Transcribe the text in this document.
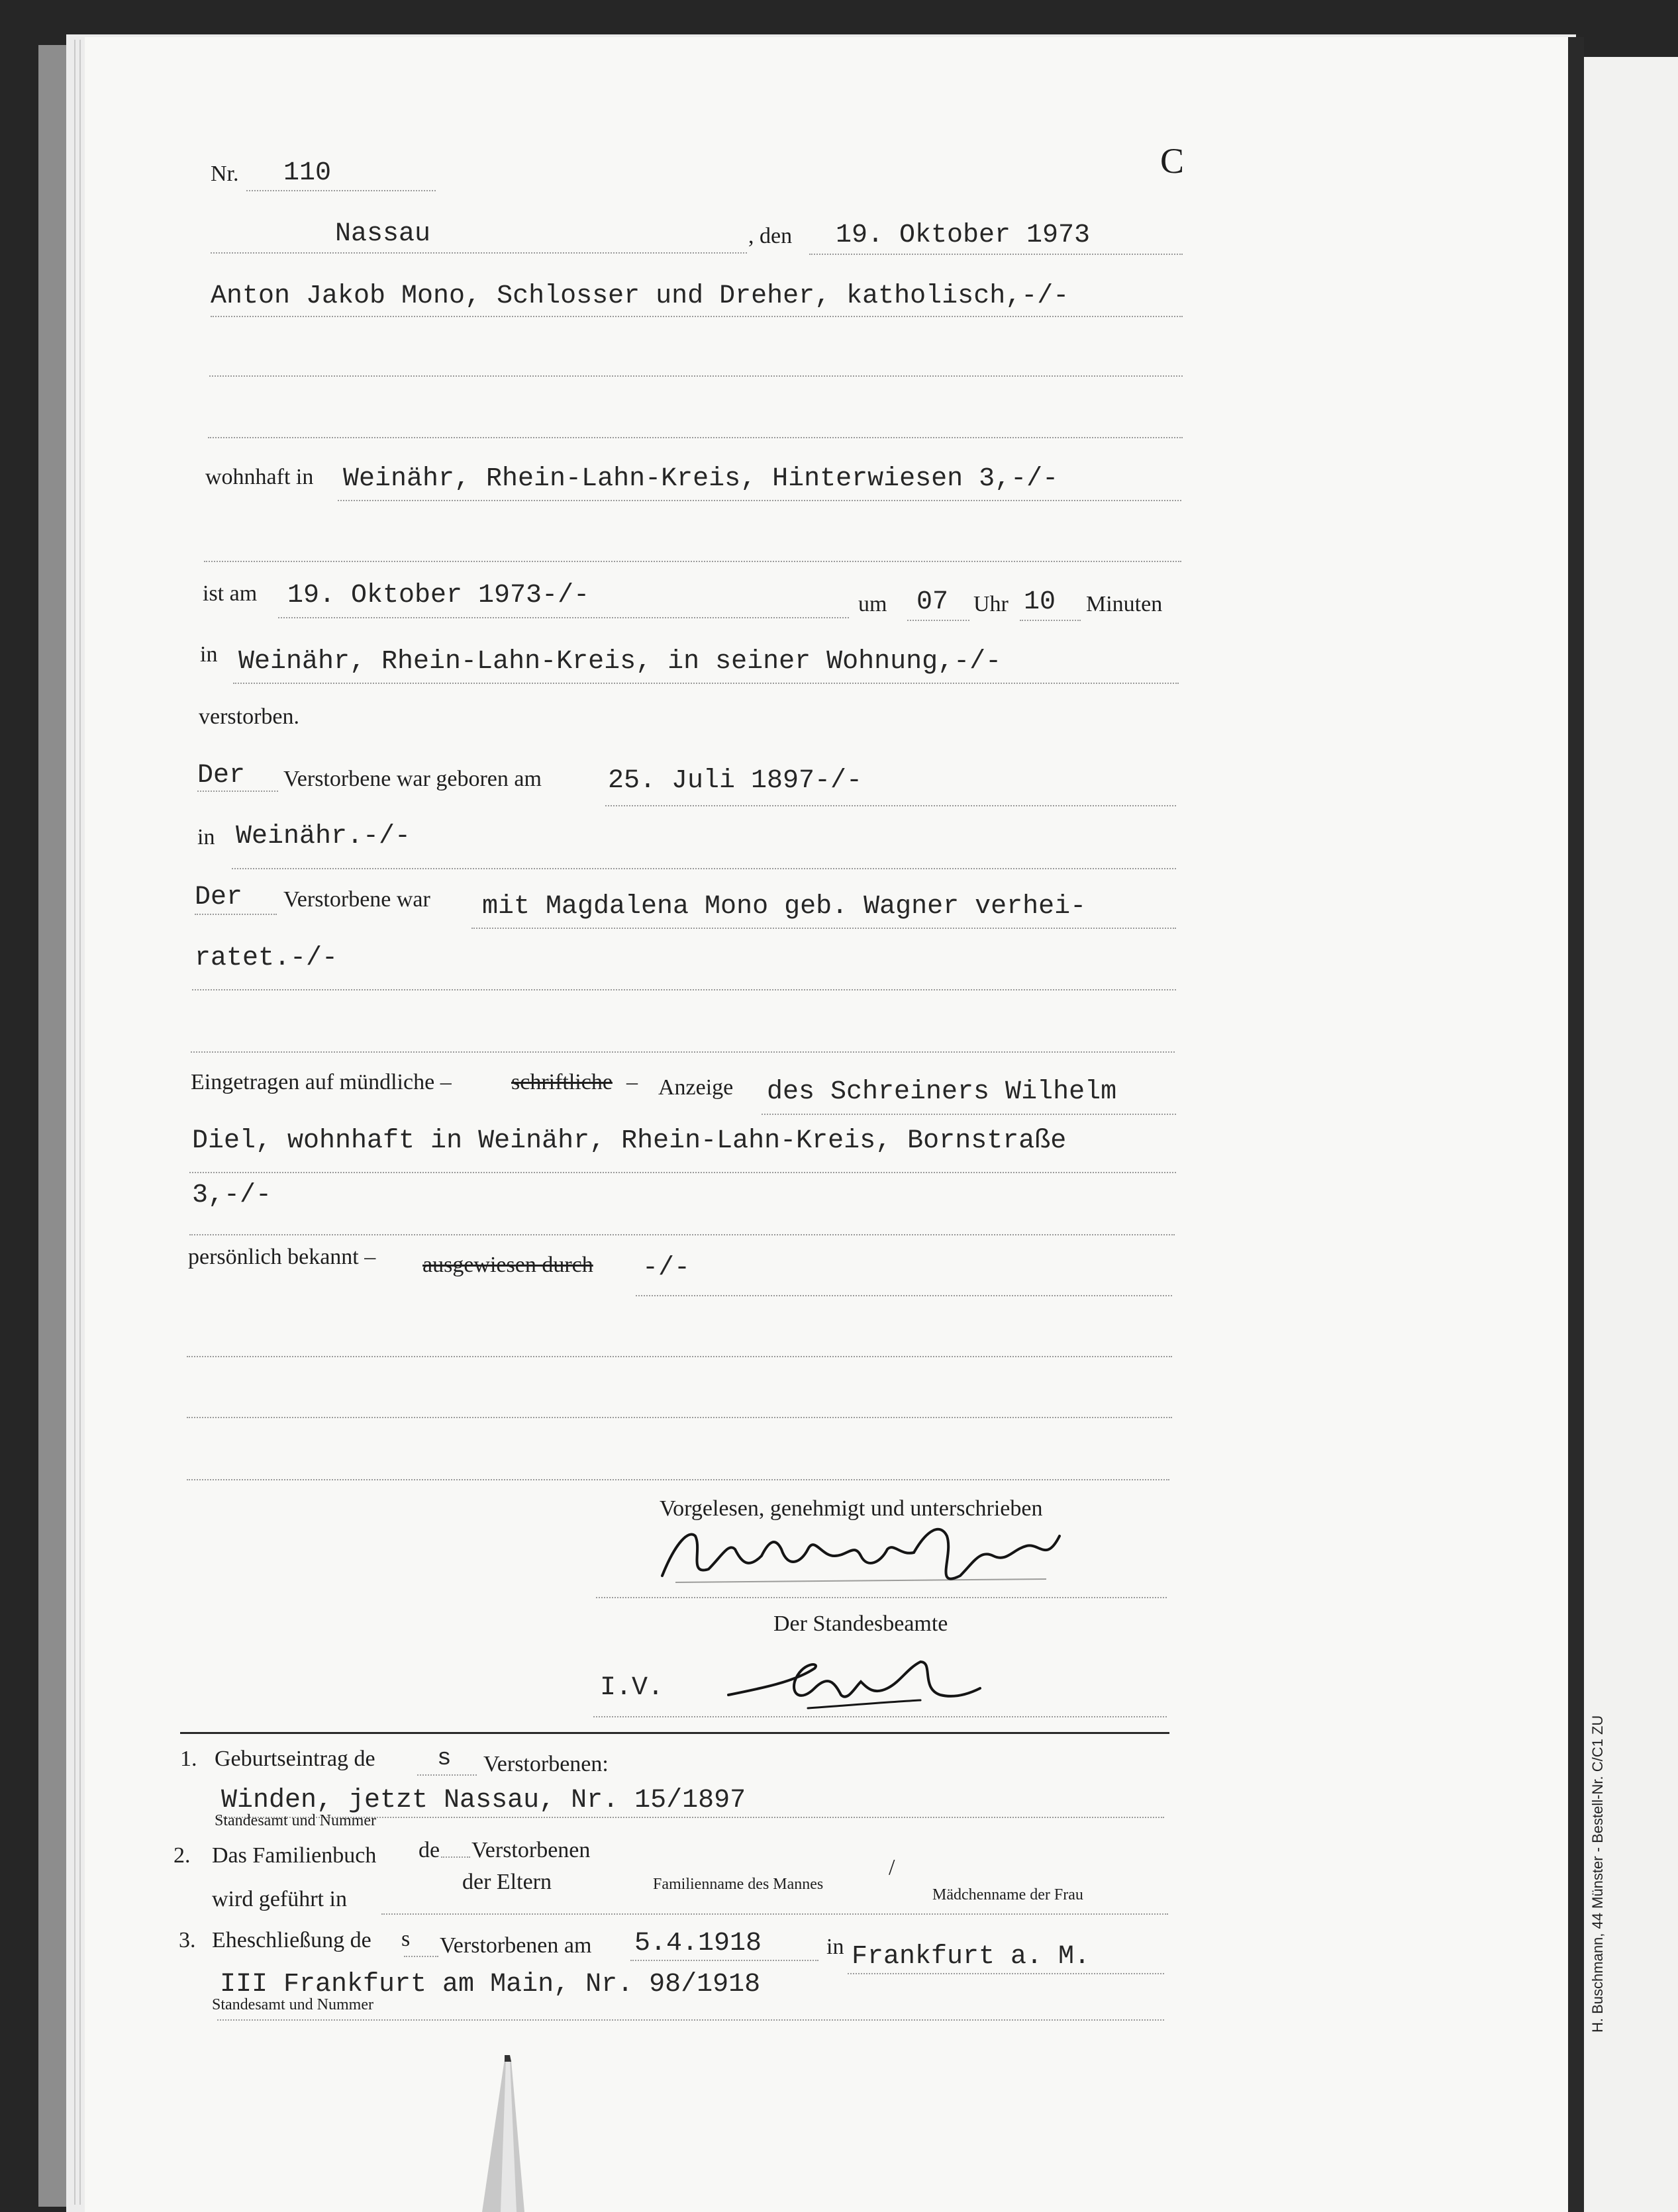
H. Buschmann, 44 Münster - Bestell-Nr. C/C1 ZU
Nr. 110	C
Nassau	, den 19. Oktober 1973
Anton Jakob Mono, Schlosser und Dreher, katholisch,-/-
wohnhaft in Weinähr, Rhein-Lahn-Kreis, Hinterwiesen 3,-/-
ist am 19. Oktober 1973-/-	um 07 Uhr 10 Minuten
in Weinähr, Rhein-Lahn-Kreis, in seiner Wohnung,-/-
verstorben.
Der Verstorbene war geboren am	25. Juli 1897-/-
in Weinähr.-/-
Der Verstorbene war mit Magdalena Mono geb. Wagner verhei-
ratet.-/-
Eingetragen auf mündliche –	schriftliche – Anzeige des Schreiners Wilhelm
Diel, wohnhaft in Weinähr, Rhein-Lahn-Kreis, Bornstraße
3,-/-
persönlich bekannt – ausgewiesen durch -/-
Vorgelesen, genehmigt und unterschrieben
Der Standesbeamte
I.V.
1. Geburtseintrag de	s Verstorbenen:
Winden, jetzt Nassau, Nr. 15/1897
Standesamt und Nummer
2. Das Familienbuch de Verstorbenen
der Eltern
wird geführt in
/
Familienname des Mannes
Mädchenname der Frau
3. Eheschließung de s Verstorbenen am 5.4.1918	in Frankfurt a. M.
III Frankfurt am Main, Nr. 98/1918
Standesamt und Nummer
